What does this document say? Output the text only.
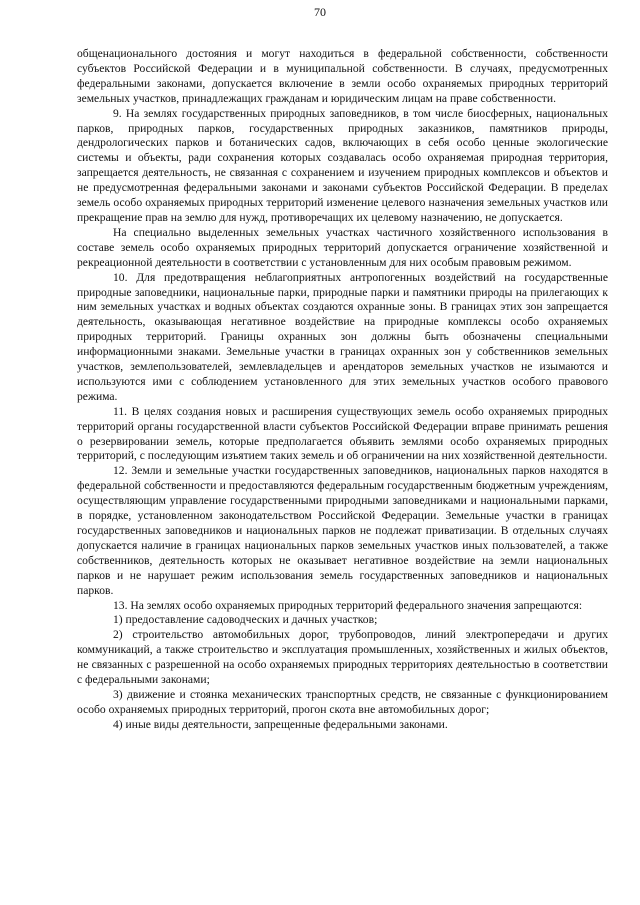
70

общенационального достояния и могут находиться в федеральной собственности, собственности субъектов Российской Федерации и в муниципальной собственности. В случаях, предусмотренных федеральными законами, допускается включение в земли особо охраняемых природных территорий земельных участков, принадлежащих гражданам и юридическим лицам на праве собственности.

9. На землях государственных природных заповедников, в том числе биосферных, национальных парков, природных парков, государственных природных заказников, памятников природы, дендрологических парков и ботанических садов, включающих в себя особо ценные экологические системы и объекты, ради сохранения которых создавалась особо охраняемая природная территория, запрещается деятельность, не связанная с сохранением и изучением природных комплексов и объектов и не предусмотренная федеральными законами и законами субъектов Российской Федерации. В пределах земель особо охраняемых природных территорий изменение целевого назначения земельных участков или прекращение прав на землю для нужд, противоречащих их целевому назначению, не допускается.

На специально выделенных земельных участках частичного хозяйственного использования в составе земель особо охраняемых природных территорий допускается ограничение хозяйственной и рекреационной деятельности в соответствии с установленным для них особым правовым режимом.

10. Для предотвращения неблагоприятных антропогенных воздействий на государственные природные заповедники, национальные парки, природные парки и памятники природы на прилегающих к ним земельных участках и водных объектах создаются охранные зоны. В границах этих зон запрещается деятельность, оказывающая негативное воздействие на природные комплексы особо охраняемых природных территорий. Границы охранных зон должны быть обозначены специальными информационными знаками. Земельные участки в границах охранных зон у собственников земельных участков, землепользователей, землевладельцев и арендаторов земельных участков не изымаются и используются ими с соблюдением установленного для этих земельных участков особого правового режима.

11. В целях создания новых и расширения существующих земель особо охраняемых природных территорий органы государственной власти субъектов Российской Федерации вправе принимать решения о резервировании земель, которые предполагается объявить землями особо охраняемых природных территорий, с последующим изъятием таких земель и об ограничении на них хозяйственной деятельности.

12. Земли и земельные участки государственных заповедников, национальных парков находятся в федеральной собственности и предоставляются федеральным государственным бюджетным учреждениям, осуществляющим управление государственными природными заповедниками и национальными парками, в порядке, установленном законодательством Российской Федерации. Земельные участки в границах государственных заповедников и национальных парков не подлежат приватизации. В отдельных случаях допускается наличие в границах национальных парков земельных участков иных пользователей, а также собственников, деятельность которых не оказывает негативное воздействие на земли национальных парков и не нарушает режим использования земель государственных заповедников и национальных парков.

13. На землях особо охраняемых природных территорий федерального значения запрещаются:

1) предоставление садоводческих и дачных участков;

2) строительство автомобильных дорог, трубопроводов, линий электропередачи и других коммуникаций, а также строительство и эксплуатация промышленных, хозяйственных и жилых объектов, не связанных с разрешенной на особо охраняемых природных территориях деятельностью в соответствии с федеральными законами;

3) движение и стоянка механических транспортных средств, не связанные с функционированием особо охраняемых природных территорий, прогон скота вне автомобильных дорог;

4) иные виды деятельности, запрещенные федеральными законами.
